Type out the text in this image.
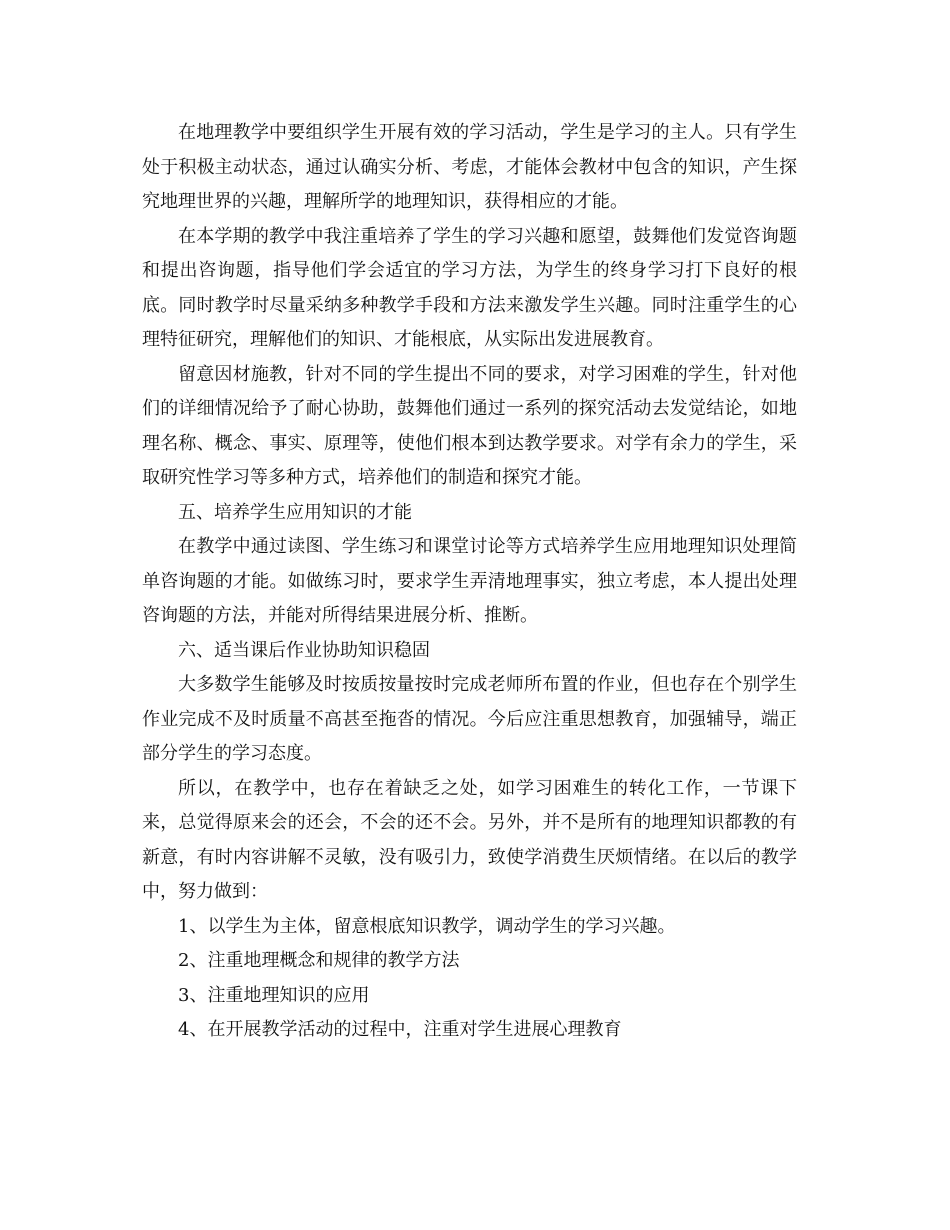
在地理教学中要组织学生开展有效的学习活动，学生是学习的主人。只有学生处于积极主动状态，通过认确实分析、考虑，才能体会教材中包含的知识，产生探究地理世界的兴趣，理解所学的地理知识，获得相应的才能。

在本学期的教学中我注重培养了学生的学习兴趣和愿望，鼓舞他们发觉咨询题和提出咨询题，指导他们学会适宜的学习方法，为学生的终身学习打下良好的根底。同时教学时尽量采纳多种教学手段和方法来激发学生兴趣。同时注重学生的心理特征研究，理解他们的知识、才能根底，从实际出发进展教育。

留意因材施教，针对不同的学生提出不同的要求，对学习困难的学生，针对他们的详细情况给予了耐心协助，鼓舞他们通过一系列的探究活动去发觉结论，如地理名称、概念、事实、原理等，使他们根本到达教学要求。对学有余力的学生，采取研究性学习等多种方式，培养他们的制造和探究才能。

五、培养学生应用知识的才能

在教学中通过读图、学生练习和课堂讨论等方式培养学生应用地理知识处理简单咨询题的才能。如做练习时，要求学生弄清地理事实，独立考虑，本人提出处理咨询题的方法，并能对所得结果进展分析、推断。

六、适当课后作业协助知识稳固

大多数学生能够及时按质按量按时完成老师所布置的作业，但也存在个别学生作业完成不及时质量不高甚至拖沓的情况。今后应注重思想教育，加强辅导，端正部分学生的学习态度。

所以，在教学中，也存在着缺乏之处，如学习困难生的转化工作，一节课下来，总觉得原来会的还会，不会的还不会。另外，并不是所有的地理知识都教的有新意，有时内容讲解不灵敏，没有吸引力，致使学消费生厌烦情绪。在以后的教学中，努力做到：

1、以学生为主体，留意根底知识教学，调动学生的学习兴趣。

2、注重地理概念和规律的教学方法

3、注重地理知识的应用

4、在开展教学活动的过程中，注重对学生进展心理教育
